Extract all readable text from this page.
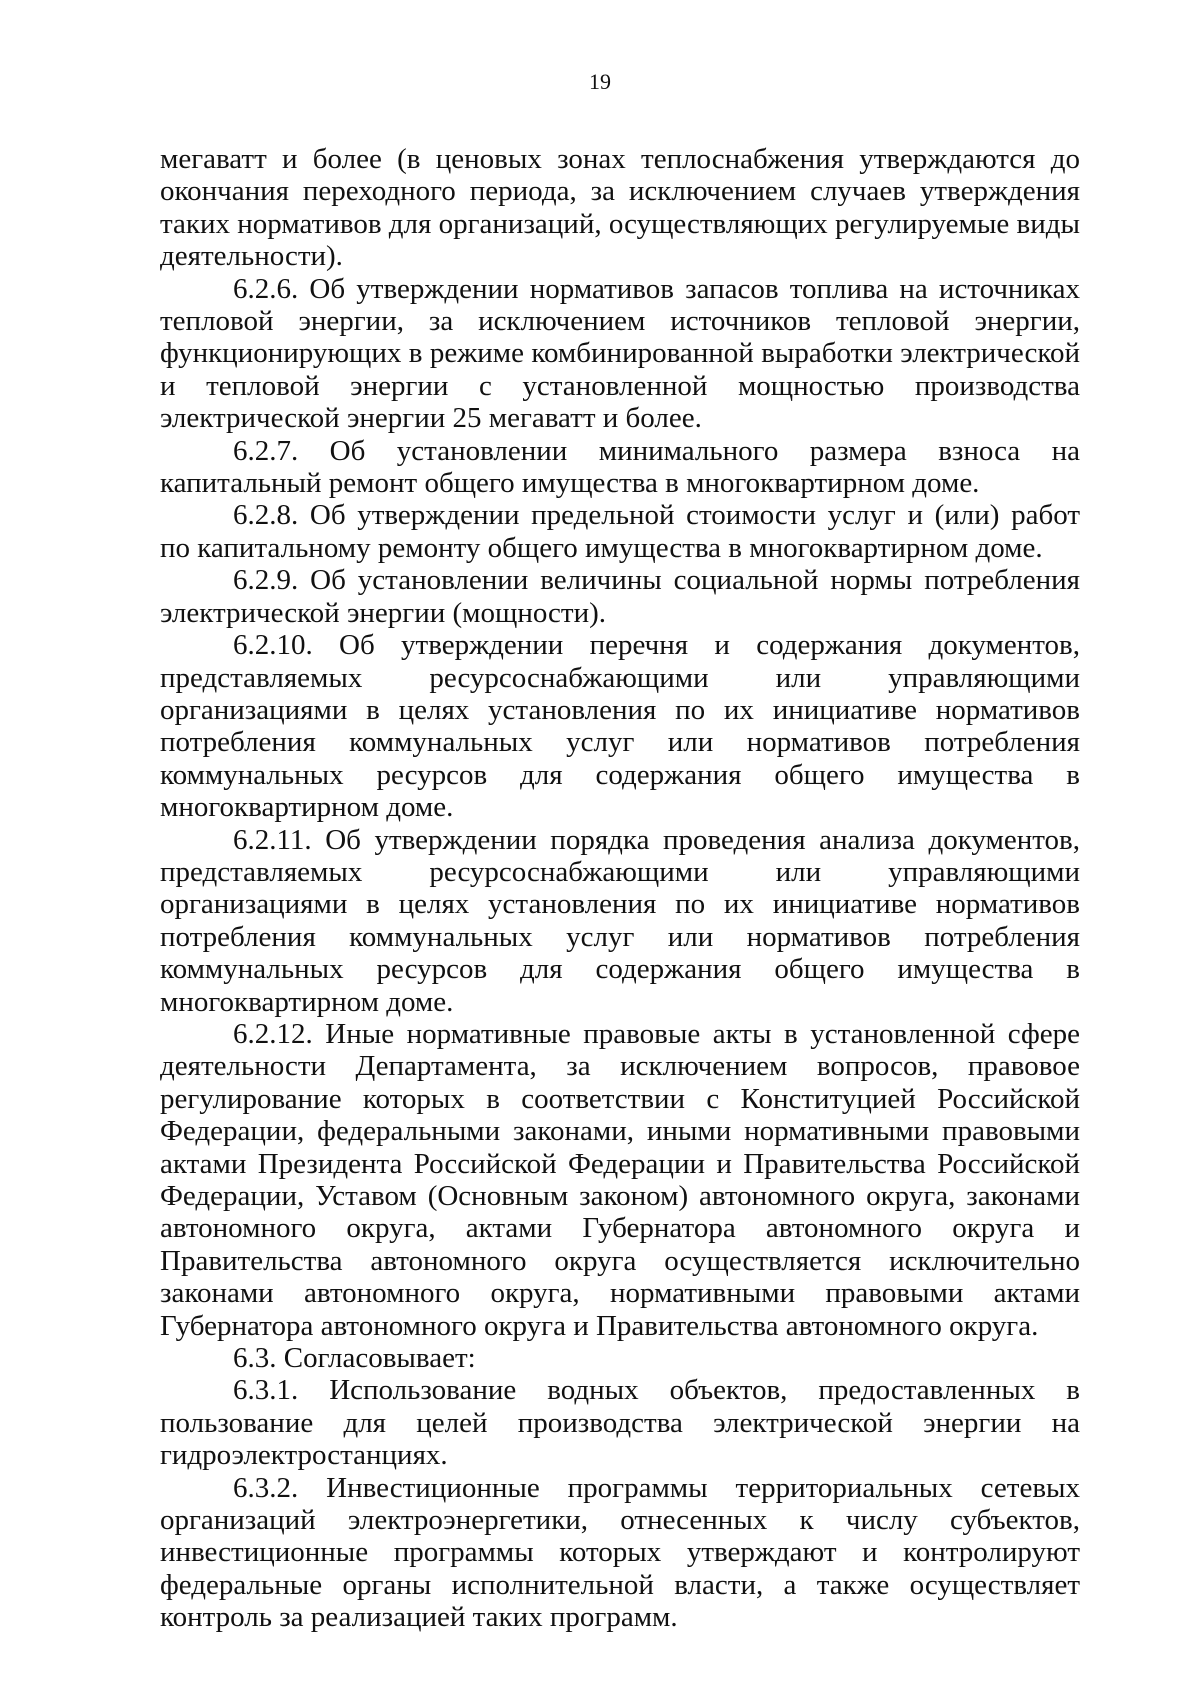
19

мегаватт и более (в ценовых зонах теплоснабжения утверждаются до окончания переходного периода, за исключением случаев утверждения таких нормативов для организаций, осуществляющих регулируемые виды деятельности).

6.2.6. Об утверждении нормативов запасов топлива на источниках тепловой энергии, за исключением источников тепловой энергии, функционирующих в режиме комбинированной выработки электрической и тепловой энергии с установленной мощностью производства электрической энергии 25 мегаватт и более.

6.2.7. Об установлении минимального размера взноса на капитальный ремонт общего имущества в многоквартирном доме.

6.2.8. Об утверждении предельной стоимости услуг и (или) работ по капитальному ремонту общего имущества в многоквартирном доме.

6.2.9. Об установлении величины социальной нормы потребления электрической энергии (мощности).

6.2.10. Об утверждении перечня и содержания документов, представляемых ресурсоснабжающими или управляющими организациями в целях установления по их инициативе нормативов потребления коммунальных услуг или нормативов потребления коммунальных ресурсов для содержания общего имущества в многоквартирном доме.

6.2.11. Об утверждении порядка проведения анализа документов, представляемых ресурсоснабжающими или управляющими организациями в целях установления по их инициативе нормативов потребления коммунальных услуг или нормативов потребления коммунальных ресурсов для содержания общего имущества в многоквартирном доме.

6.2.12. Иные нормативные правовые акты в установленной сфере деятельности Департамента, за исключением вопросов, правовое регулирование которых в соответствии с Конституцией Российской Федерации, федеральными законами, иными нормативными правовыми актами Президента Российской Федерации и Правительства Российской Федерации, Уставом (Основным законом) автономного округа, законами автономного округа, актами Губернатора автономного округа и Правительства автономного округа осуществляется исключительно законами автономного округа, нормативными правовыми актами Губернатора автономного округа и Правительства автономного округа.

6.3. Согласовывает:

6.3.1. Использование водных объектов, предоставленных в пользование для целей производства электрической энергии на гидроэлектростанциях.

6.3.2. Инвестиционные программы территориальных сетевых организаций электроэнергетики, отнесенных к числу субъектов, инвестиционные программы которых утверждают и контролируют федеральные органы исполнительной власти, а также осуществляет контроль за реализацией таких программ.
